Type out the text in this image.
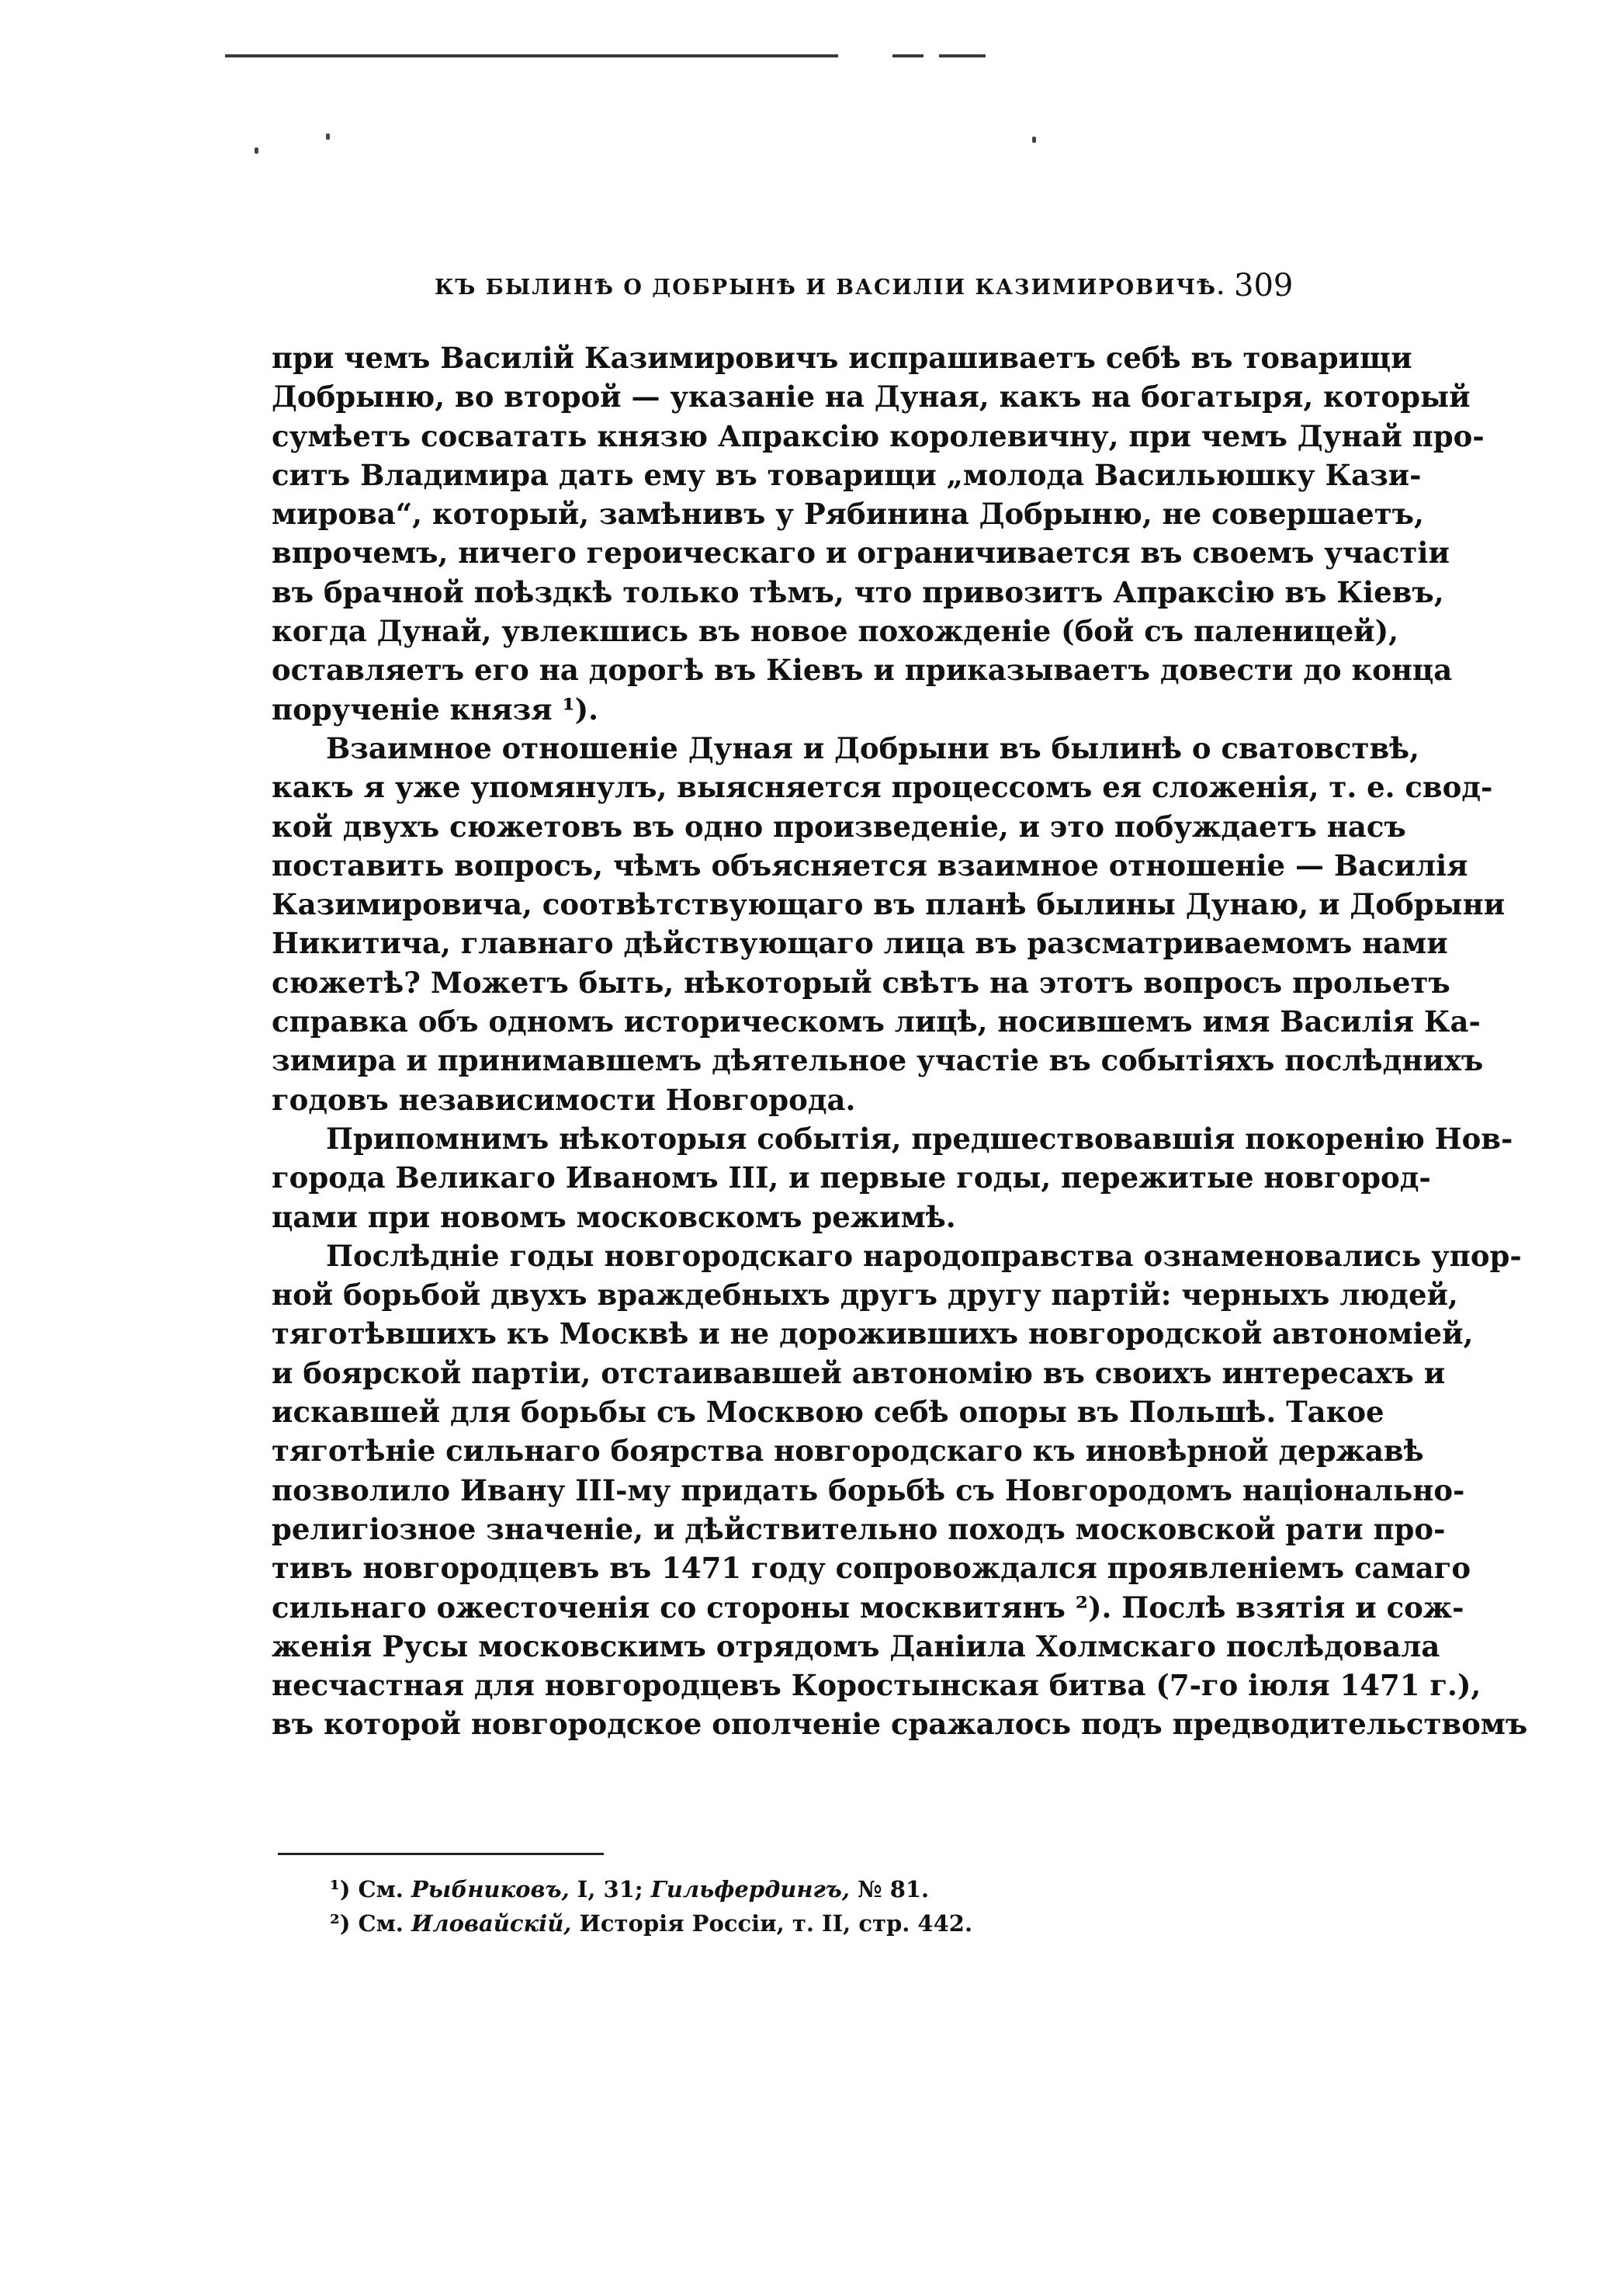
КЪ БЫЛИНѢ О ДОБРЫНѢ И ВАСИЛІИ КАЗИМИРОВИЧѢ. 309
при чемъ Василій Казимировичъ испрашиваетъ себѣ въ товарищи
Добрыню, во второй — указаніе на Дуная, какъ на богатыря, который
сумѣетъ сосватать князю Апраксію королевичну, при чемъ Дунай про-
ситъ Владимира дать ему въ товарищи „молода Васильюшку Кази-
мирова“, который, замѣнивъ у Рябинина Добрыню, не совершаетъ,
впрочемъ, ничего героическаго и ограничивается въ своемъ участіи
въ брачной поѣздкѣ только тѣмъ, что привозитъ Апраксію въ Кіевъ,
когда Дунай, увлекшись въ новое похожденіе (бой съ паленицей),
оставляетъ его на дорогѣ въ Кіевъ и приказываетъ довести до конца
порученіе князя ¹).
Взаимное отношеніе Дуная и Добрыни въ былинѣ о сватовствѣ,
какъ я уже упомянулъ, выясняется процессомъ ея сложенія, т. е. свод-
кой двухъ сюжетовъ въ одно произведеніе, и это побуждаетъ насъ
поставить вопросъ, чѣмъ объясняется взаимное отношеніе — Василія
Казимировича, соотвѣтствующаго въ планѣ былины Дунаю, и Добрыни
Никитича, главнаго дѣйствующаго лица въ разсматриваемомъ нами
сюжетѣ? Можетъ быть, нѣкоторый свѣтъ на этотъ вопросъ прольетъ
справка объ одномъ историческомъ лицѣ, носившемъ имя Василія Ка-
зимира и принимавшемъ дѣятельное участіе въ событіяхъ послѣднихъ
годовъ независимости Новгорода.
Припомнимъ нѣкоторыя событія, предшествовавшія покоренію Нов-
города Великаго Иваномъ III, и первые годы, пережитые новгород-
цами при новомъ московскомъ режимѣ.
Послѣдніе годы новгородскаго народоправства ознаменовались упор-
ной борьбой двухъ враждебныхъ другъ другу партій: черныхъ людей,
тяготѣвшихъ къ Москвѣ и не дорожившихъ новгородской автономіей,
и боярской партіи, отстаивавшей автономію въ своихъ интересахъ и
искавшей для борьбы съ Москвою себѣ опоры въ Польшѣ. Такое
тяготѣніе сильнаго боярства новгородскаго къ иновѣрной державѣ
позволило Ивану III-му придать борьбѣ съ Новгородомъ національно-
религіозное значеніе, и дѣйствительно походъ московской рати про-
тивъ новгородцевъ въ 1471 году сопровождался проявленіемъ самаго
сильнаго ожесточенія со стороны москвитянъ ²). Послѣ взятія и сож-
женія Русы московскимъ отрядомъ Даніила Холмскаго послѣдовала
несчастная для новгородцевъ Коростынская битва (7-го іюля 1471 г.),
въ которой новгородское ополченіе сражалось подъ предводительствомъ
¹) См. Рыбниковъ, I, 31; Гильфердингъ, № 81.
²) См. Иловайскій, Исторія Россіи, т. II, стр. 442.
